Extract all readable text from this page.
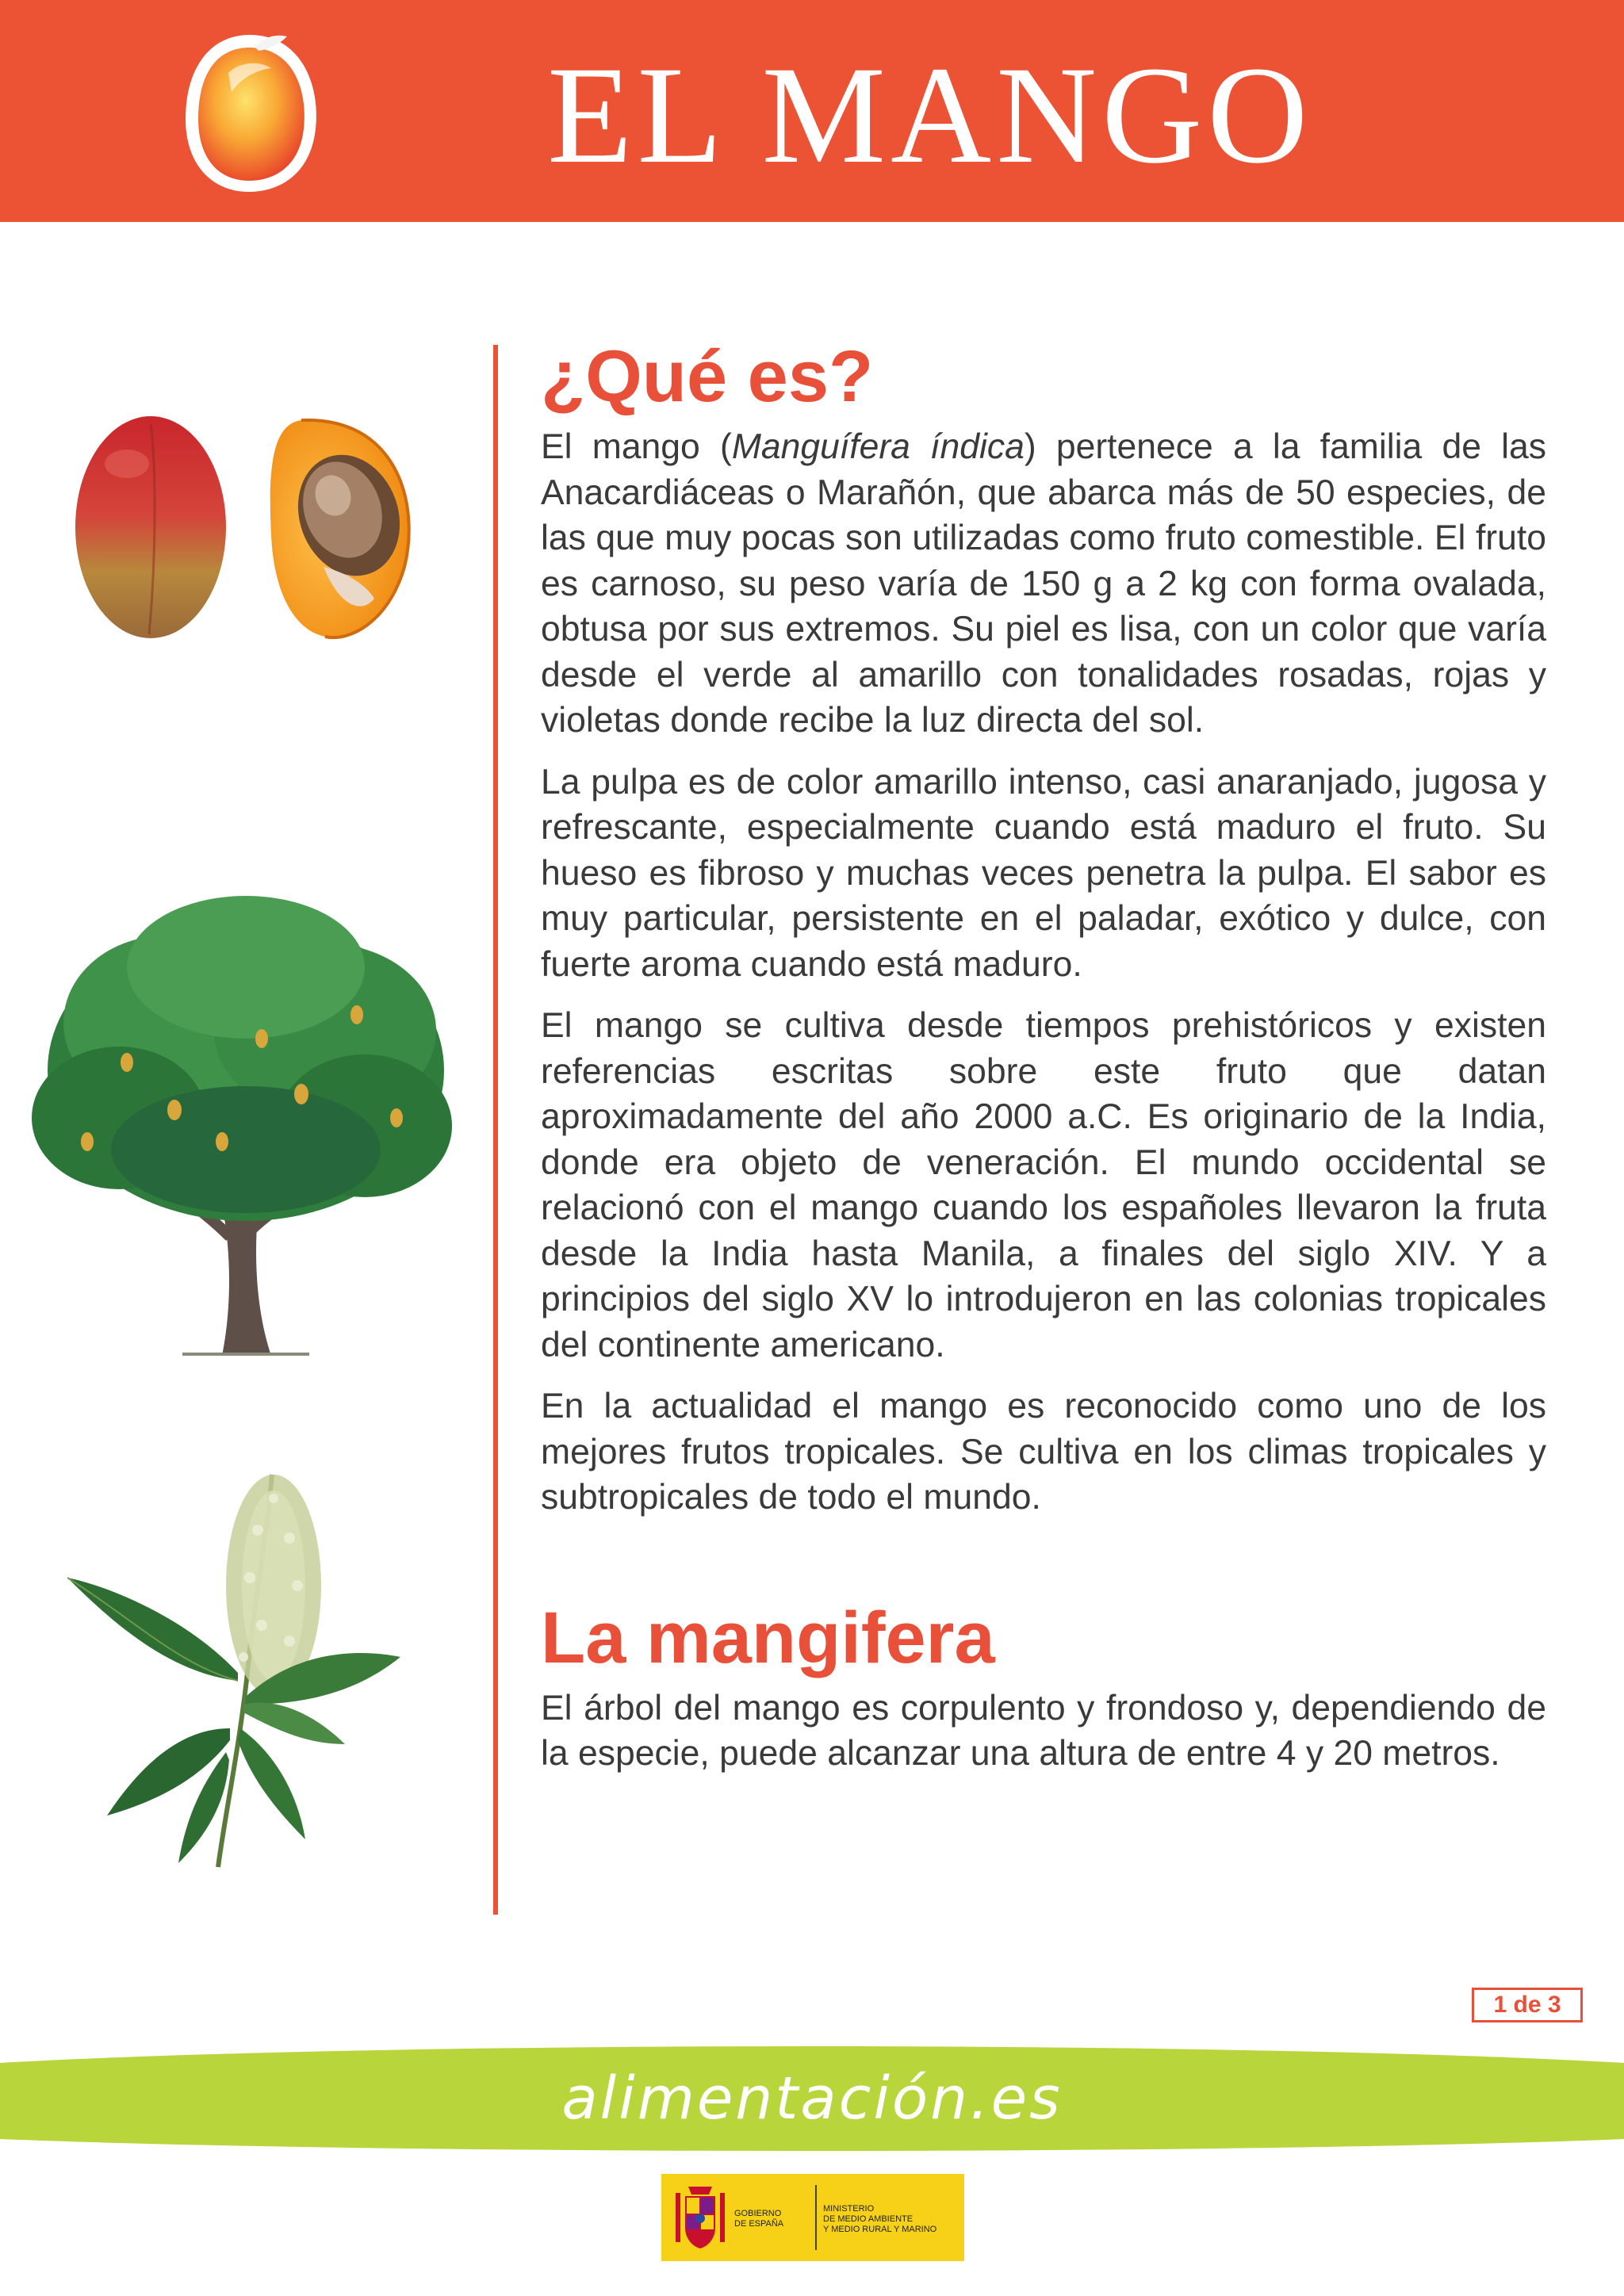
EL MANGO
¿Qué es?

El mango (Manguífera índica) pertenece a la familia de las Anacardiáceas o Marañón, que abarca más de 50 especies, de las que muy pocas son utilizadas como fruto comestible. El fruto es carnoso, su peso varía de 150 g a 2 kg con forma ovalada, obtusa por sus extremos. Su piel es lisa, con un color que varía desde el verde al amarillo con tonalidades rosadas, rojas y violetas donde recibe la luz directa del sol.

La pulpa es de color amarillo intenso, casi anaranjado, jugosa y refrescante, especialmente cuando está maduro el fruto. Su hueso es fibroso y muchas veces penetra la pulpa. El sabor es muy particular, persistente en el paladar, exótico y dulce, con fuerte aroma cuando está maduro.

El mango se cultiva desde tiempos prehistóricos y existen referencias escritas sobre este fruto que datan aproximadamente del año 2000 a.C. Es originario de la India, donde era objeto de veneración. El mundo occidental se relacionó con el mango cuando los españoles llevaron la fruta desde la India hasta Manila, a finales del siglo XIV. Y a principios del siglo XV lo introdujeron en las colonias tropicales del continente americano.

En la actualidad el mango es reconocido como uno de los mejores frutos tropicales. Se cultiva en los climas tropicales y subtropicales de todo el mundo.

La mangifera

El árbol del mango es corpulento y frondoso y, dependiendo de la especie, puede alcanzar una altura de entre 4 y 20 metros.

1 de 3
alimentación.es

GOBIERNO
DE ESPAÑA

MINISTERIO
DE MEDIO AMBIENTE
Y MEDIO RURAL Y MARINO
